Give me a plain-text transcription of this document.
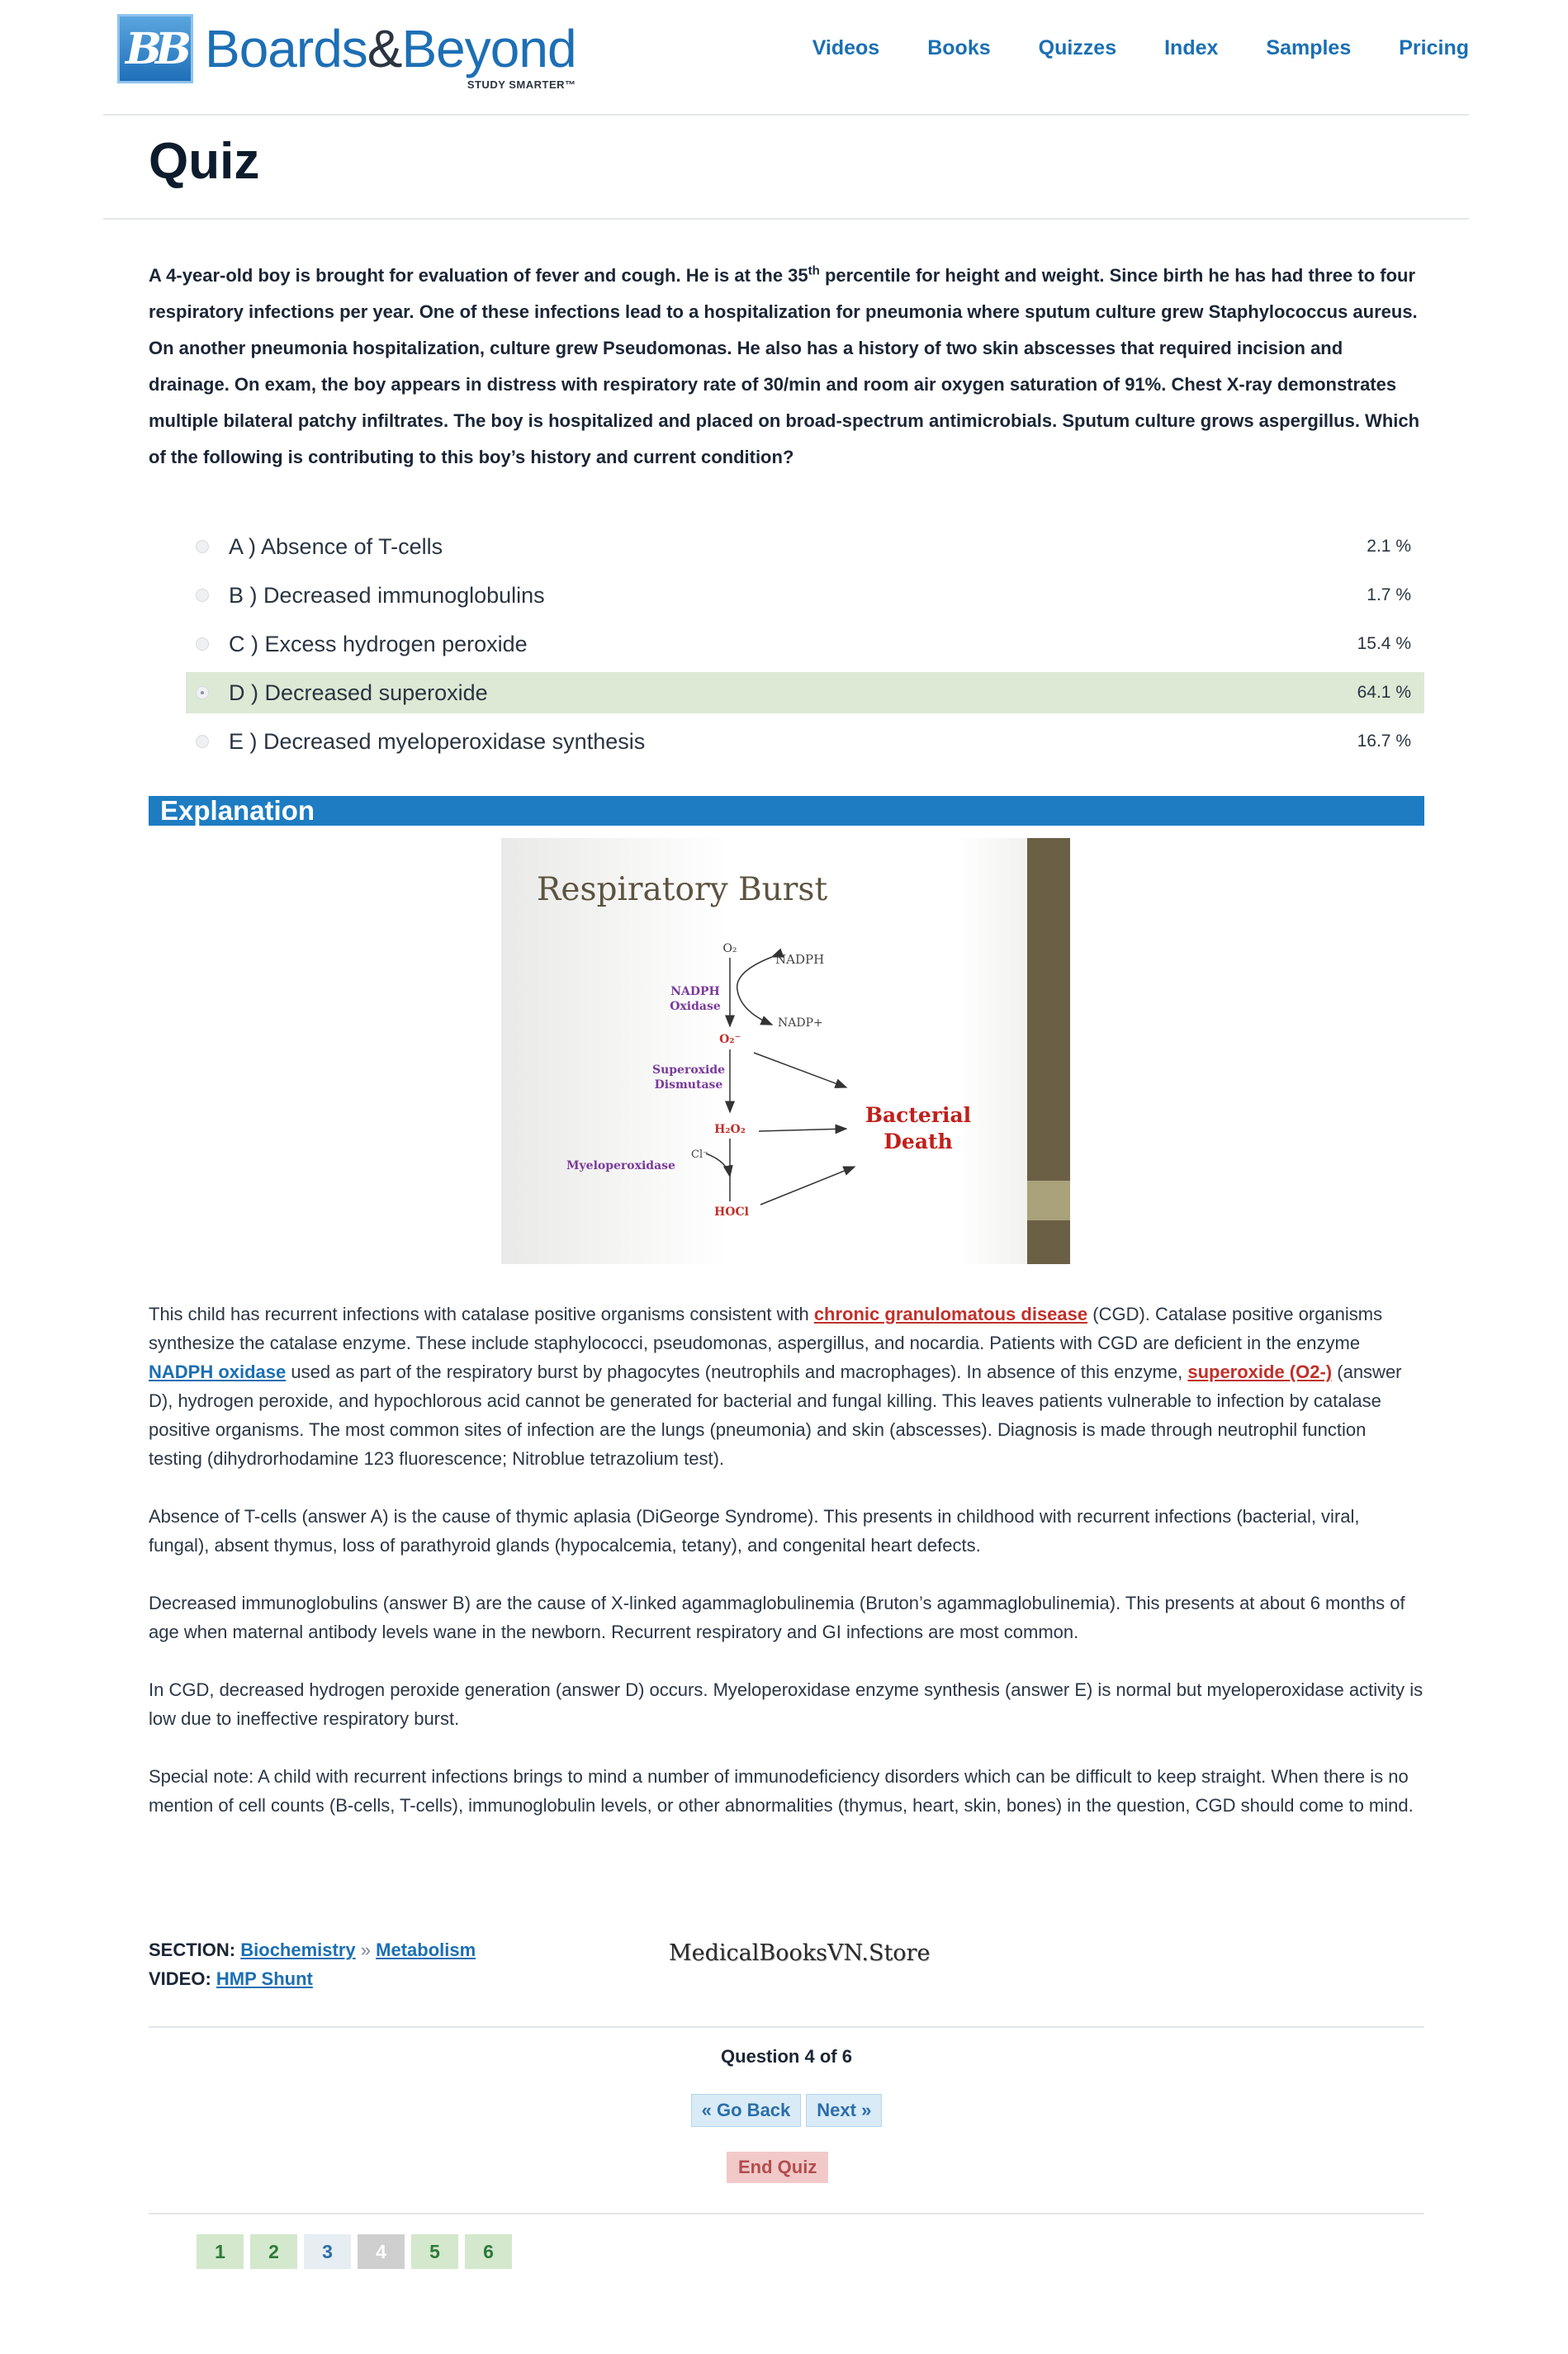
BB Boards&Beyond
STUDY SMARTER™
Videos Books Quizzes Index Samples Pricing
Quiz
A 4-year-old boy is brought for evaluation of fever and cough. He is at the 35th percentile for height and weight. Since birth he has had three to four respiratory infections per year. One of these infections lead to a hospitalization for pneumonia where sputum culture grew Staphylococcus aureus. On another pneumonia hospitalization, culture grew Pseudomonas. He also has a history of two skin abscesses that required incision and drainage. On exam, the boy appears in distress with respiratory rate of 30/min and room air oxygen saturation of 91%. Chest X-ray demonstrates multiple bilateral patchy infiltrates. The boy is hospitalized and placed on broad-spectrum antimicrobials. Sputum culture grows aspergillus. Which of the following is contributing to this boy’s history and current condition?
A ) Absence of T-cells	2.1 %
B ) Decreased immunoglobulins	1.7 %
C ) Excess hydrogen peroxide	15.4 %
D ) Decreased superoxide	64.1 %
E ) Decreased myeloperoxidase synthesis	16.7 %
Explanation
Respiratory Burst
O₂
NADPH
NADPH
Oxidase
NADP+
O₂⁻
Superoxide
Dismutase
H₂O₂
Cl⁻
Myeloperoxidase
HOCl
Bacterial
Death

This child has recurrent infections with catalase positive organisms consistent with chronic granulomatous disease (CGD). Catalase positive organisms synthesize the catalase enzyme. These include staphylococci, pseudomonas, aspergillus, and nocardia. Patients with CGD are deficient in the enzyme NADPH oxidase used as part of the respiratory burst by phagocytes (neutrophils and macrophages). In absence of this enzyme, superoxide (O2-) (answer D), hydrogen peroxide, and hypochlorous acid cannot be generated for bacterial and fungal killing. This leaves patients vulnerable to infection by catalase positive organisms. The most common sites of infection are the lungs (pneumonia) and skin (abscesses). Diagnosis is made through neutrophil function testing (dihydrorhodamine 123 fluorescence; Nitroblue tetrazolium test).

Absence of T-cells (answer A) is the cause of thymic aplasia (DiGeorge Syndrome). This presents in childhood with recurrent infections (bacterial, viral, fungal), absent thymus, loss of parathyroid glands (hypocalcemia, tetany), and congenital heart defects.

Decreased immunoglobulins (answer B) are the cause of X-linked agammaglobulinemia (Bruton’s agammaglobulinemia). This presents at about 6 months of age when maternal antibody levels wane in the newborn. Recurrent respiratory and GI infections are most common.

In CGD, decreased hydrogen peroxide generation (answer D) occurs. Myeloperoxidase enzyme synthesis (answer E) is normal but myeloperoxidase activity is low due to ineffective respiratory burst.

Special note: A child with recurrent infections brings to mind a number of immunodeficiency disorders which can be difficult to keep straight. When there is no mention of cell counts (B-cells, T-cells), immunoglobulin levels, or other abnormalities (thymus, heart, skin, bones) in the question, CGD should come to mind.

SECTION: Biochemistry » Metabolism
VIDEO: HMP Shunt
MedicalBooksVN.Store
Question 4 of 6
« Go Back	Next »
End Quiz
1	2	3	4	5	6
